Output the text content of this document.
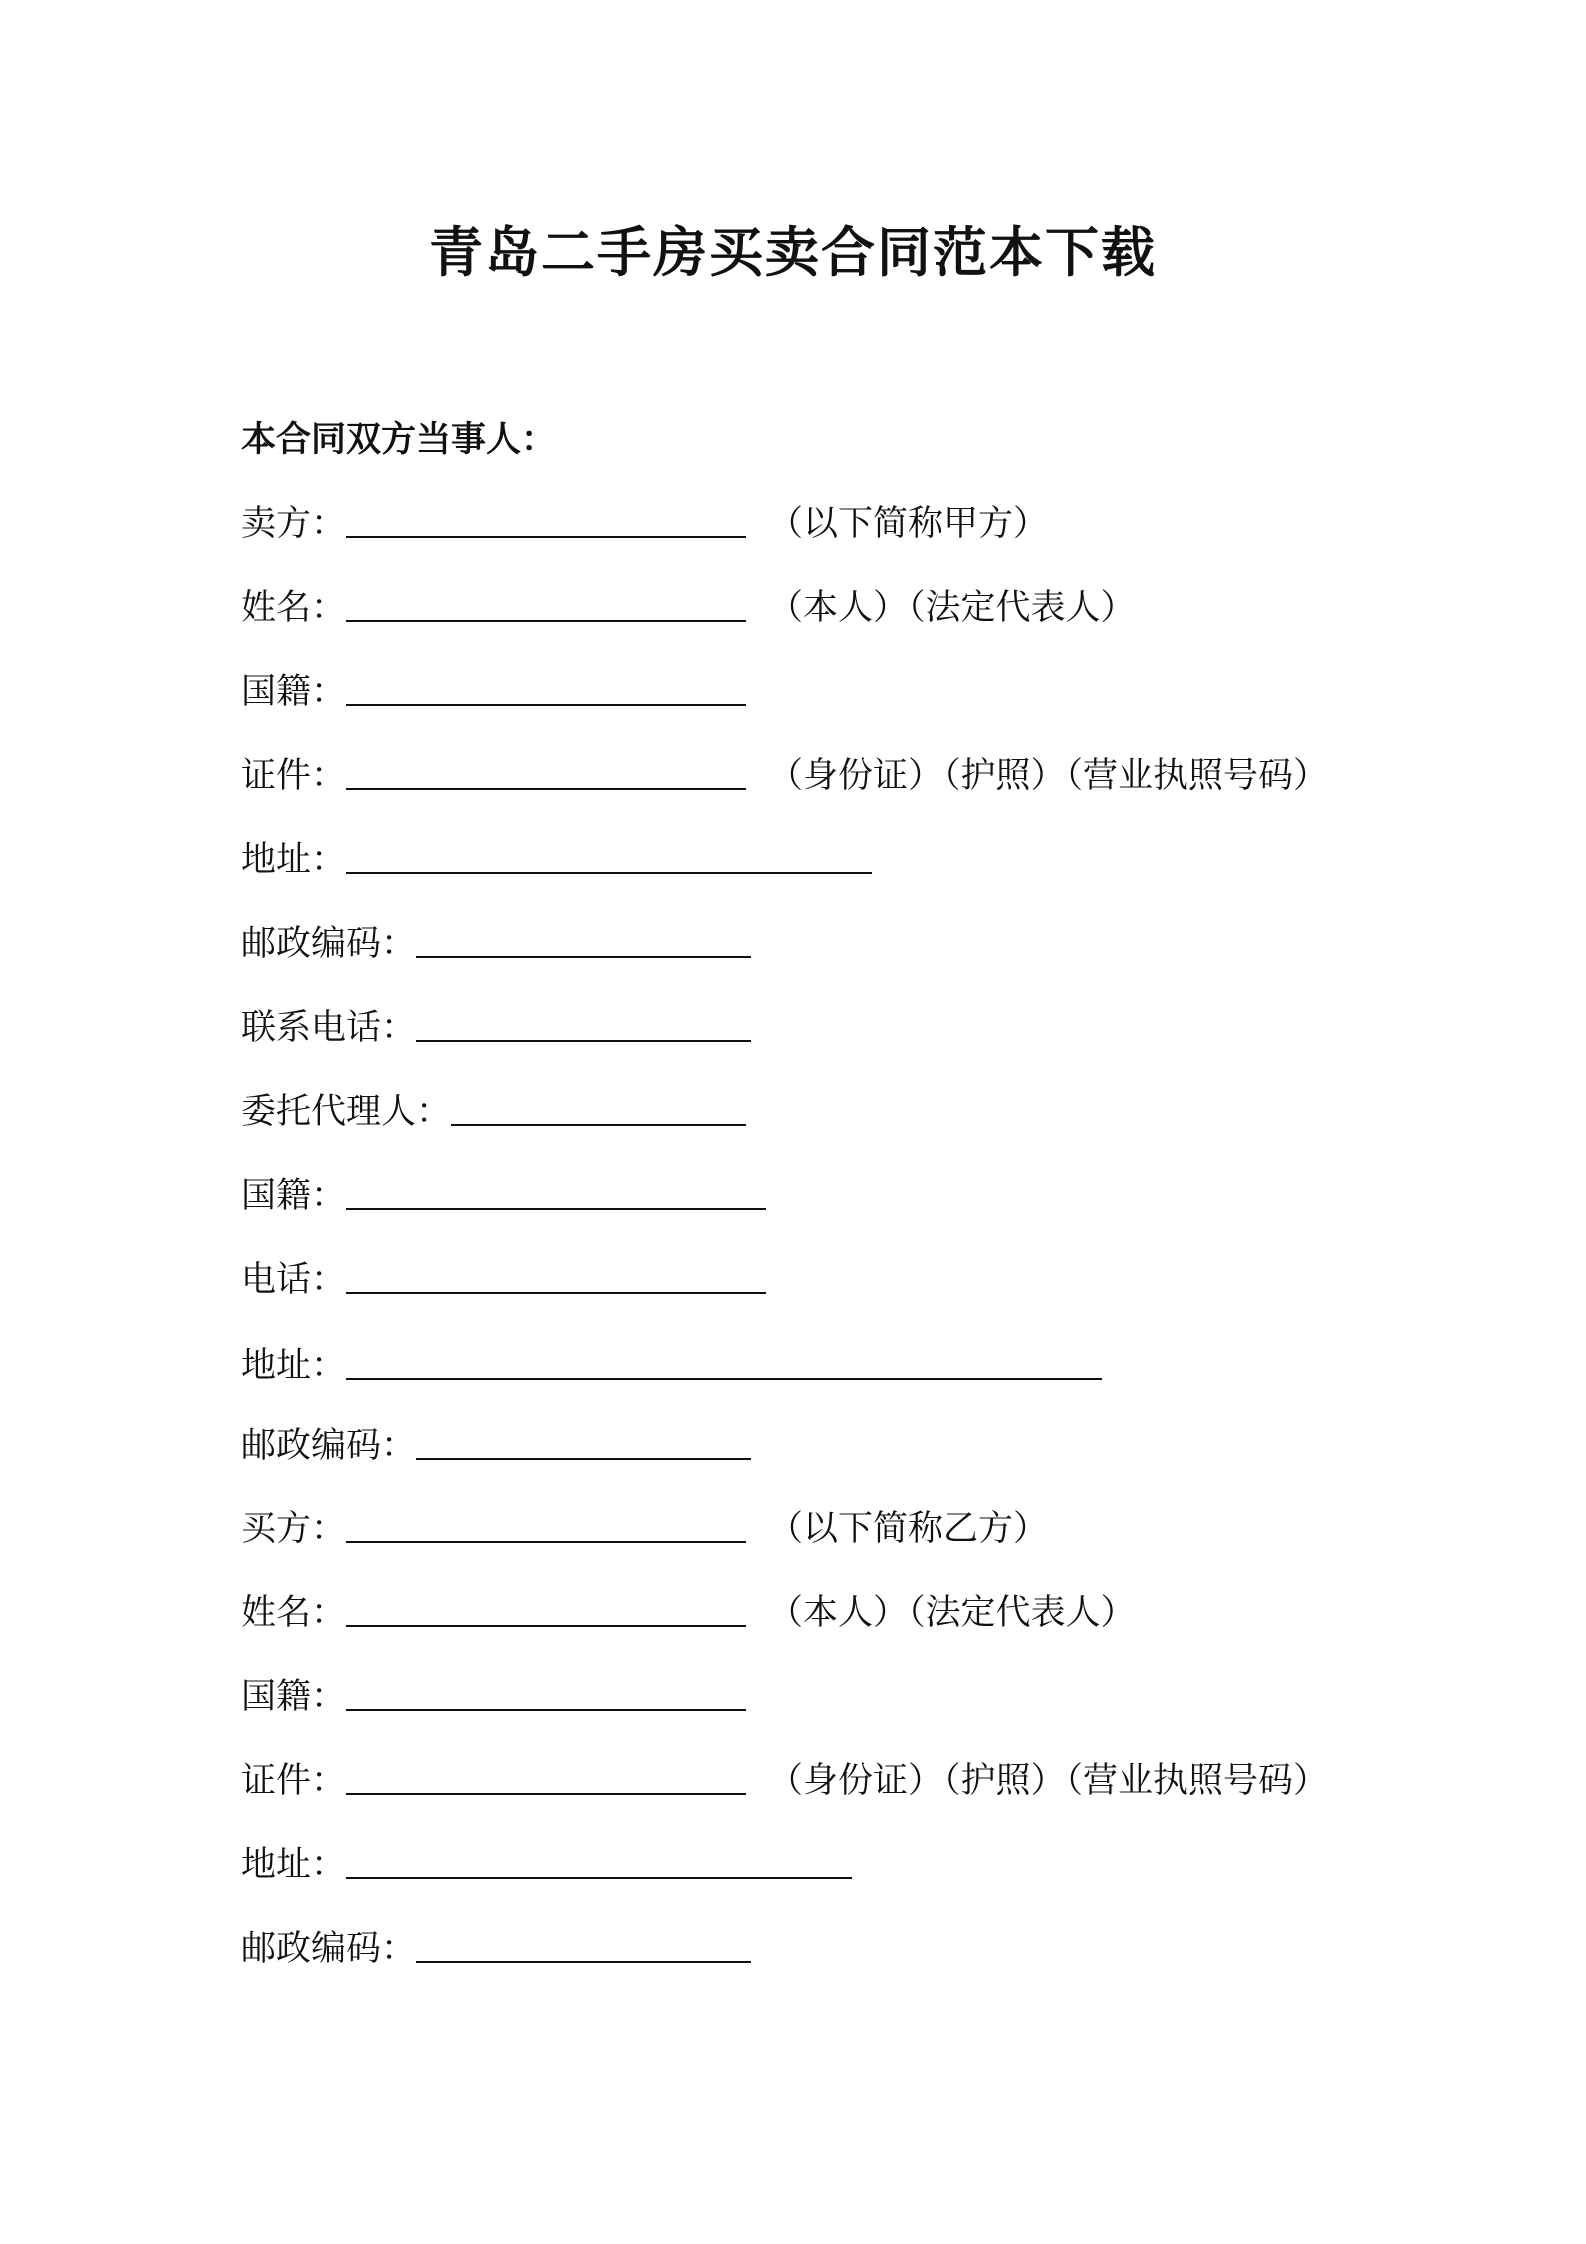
青岛二手房买卖合同范本下载
本合同双方当事人：
卖方：	（以下简称甲方）
姓名：	（本人）（法定代表人）
国籍：
证件：	（身份证）（护照）（营业执照号码）
地址：
邮政编码：
联系电话：
委托代理人：
国籍：
电话：
地址：
邮政编码：
买方：	（以下简称乙方）
姓名：	（本人）（法定代表人）
国籍：
证件：	（身份证）（护照）（营业执照号码）
地址：
邮政编码：
